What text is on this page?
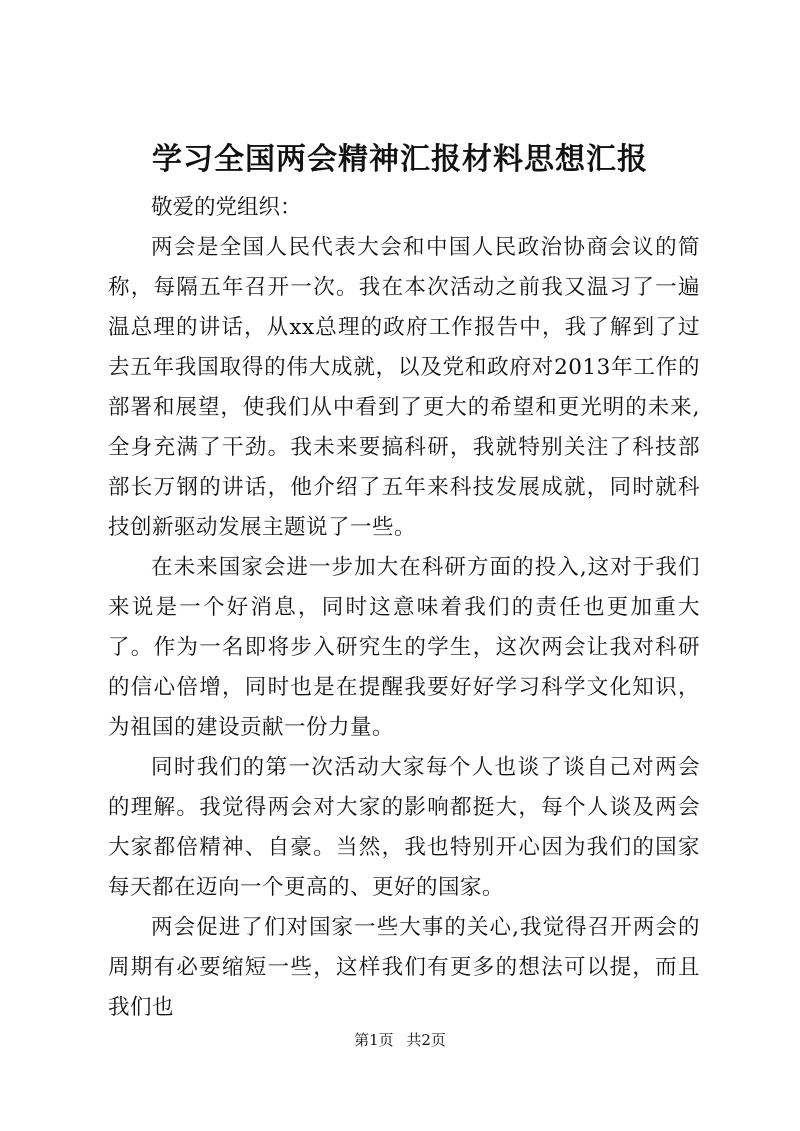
学习全国两会精神汇报材料思想汇报

敬爱的党组织：

两会是全国人民代表大会和中国人民政治协商会议的简称，每隔五年召开一次。我在本次活动之前我又温习了一遍温总理的讲话，从xx总理的政府工作报告中，我了解到了过去五年我国取得的伟大成就，以及党和政府对2013年工作的部署和展望，使我们从中看到了更大的希望和更光明的未来,全身充满了干劲。我未来要搞科研，我就特别关注了科技部部长万钢的讲话，他介绍了五年来科技发展成就，同时就科技创新驱动发展主题说了一些。

在未来国家会进一步加大在科研方面的投入,这对于我们来说是一个好消息，同时这意味着我们的责任也更加重大了。作为一名即将步入研究生的学生，这次两会让我对科研的信心倍增，同时也是在提醒我要好好学习科学文化知识，为祖国的建设贡献一份力量。

同时我们的第一次活动大家每个人也谈了谈自己对两会的理解。我觉得两会对大家的影响都挺大，每个人谈及两会大家都倍精神、自豪。当然，我也特别开心因为我们的国家每天都在迈向一个更高的、更好的国家。

两会促进了们对国家一些大事的关心,我觉得召开两会的周期有必要缩短一些，这样我们有更多的想法可以提，而且我们也

第1页 共2页
